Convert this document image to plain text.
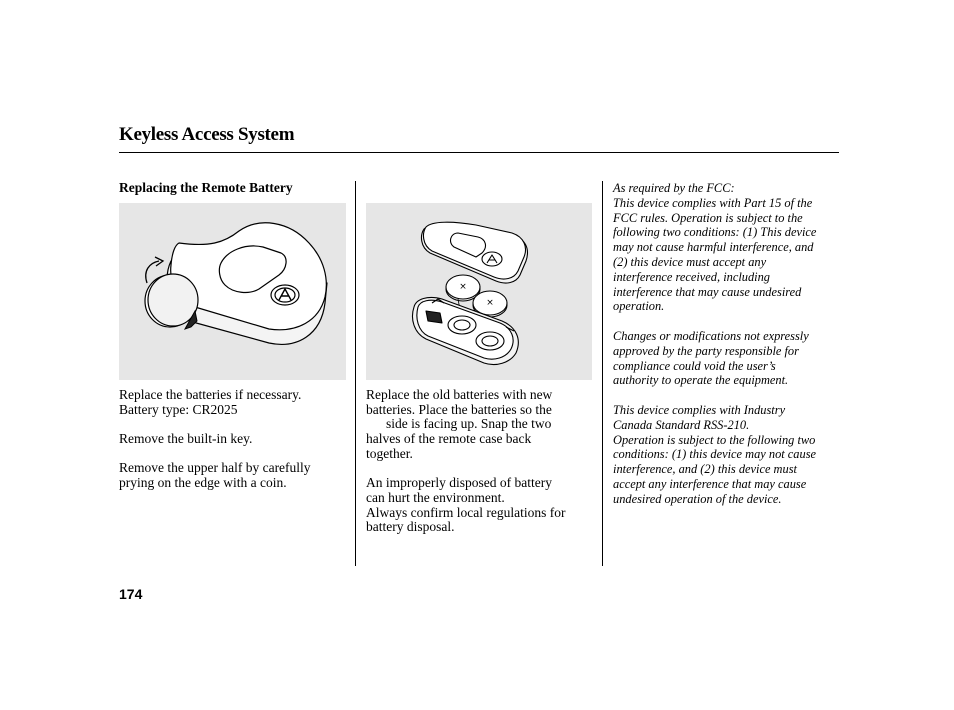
Keyless Access System
Replacing the Remote Battery
×
×

Replace the batteries if necessary.
Battery type: CR2025

Remove the built-in key.

Remove the upper half by carefully
prying on the edge with a coin.

Replace the old batteries with new
batteries. Place the batteries so the
side is facing up. Snap the two
halves of the remote case back
together.

An improperly disposed of battery
can hurt the environment.
Always confirm local regulations for
battery disposal.

As required by the FCC:
This device complies with Part 15 of the
FCC rules. Operation is subject to the
following two conditions: (1) This device
may not cause harmful interference, and
(2) this device must accept any
interference received, including
interference that may cause undesired
operation.

Changes or modifications not expressly
approved by the party responsible for
compliance could void the user’s
authority to operate the equipment.

This device complies with Industry
Canada Standard RSS-210.
Operation is subject to the following two
conditions: (1) this device may not cause
interference, and (2) this device must
accept any interference that may cause
undesired operation of the device.

174
